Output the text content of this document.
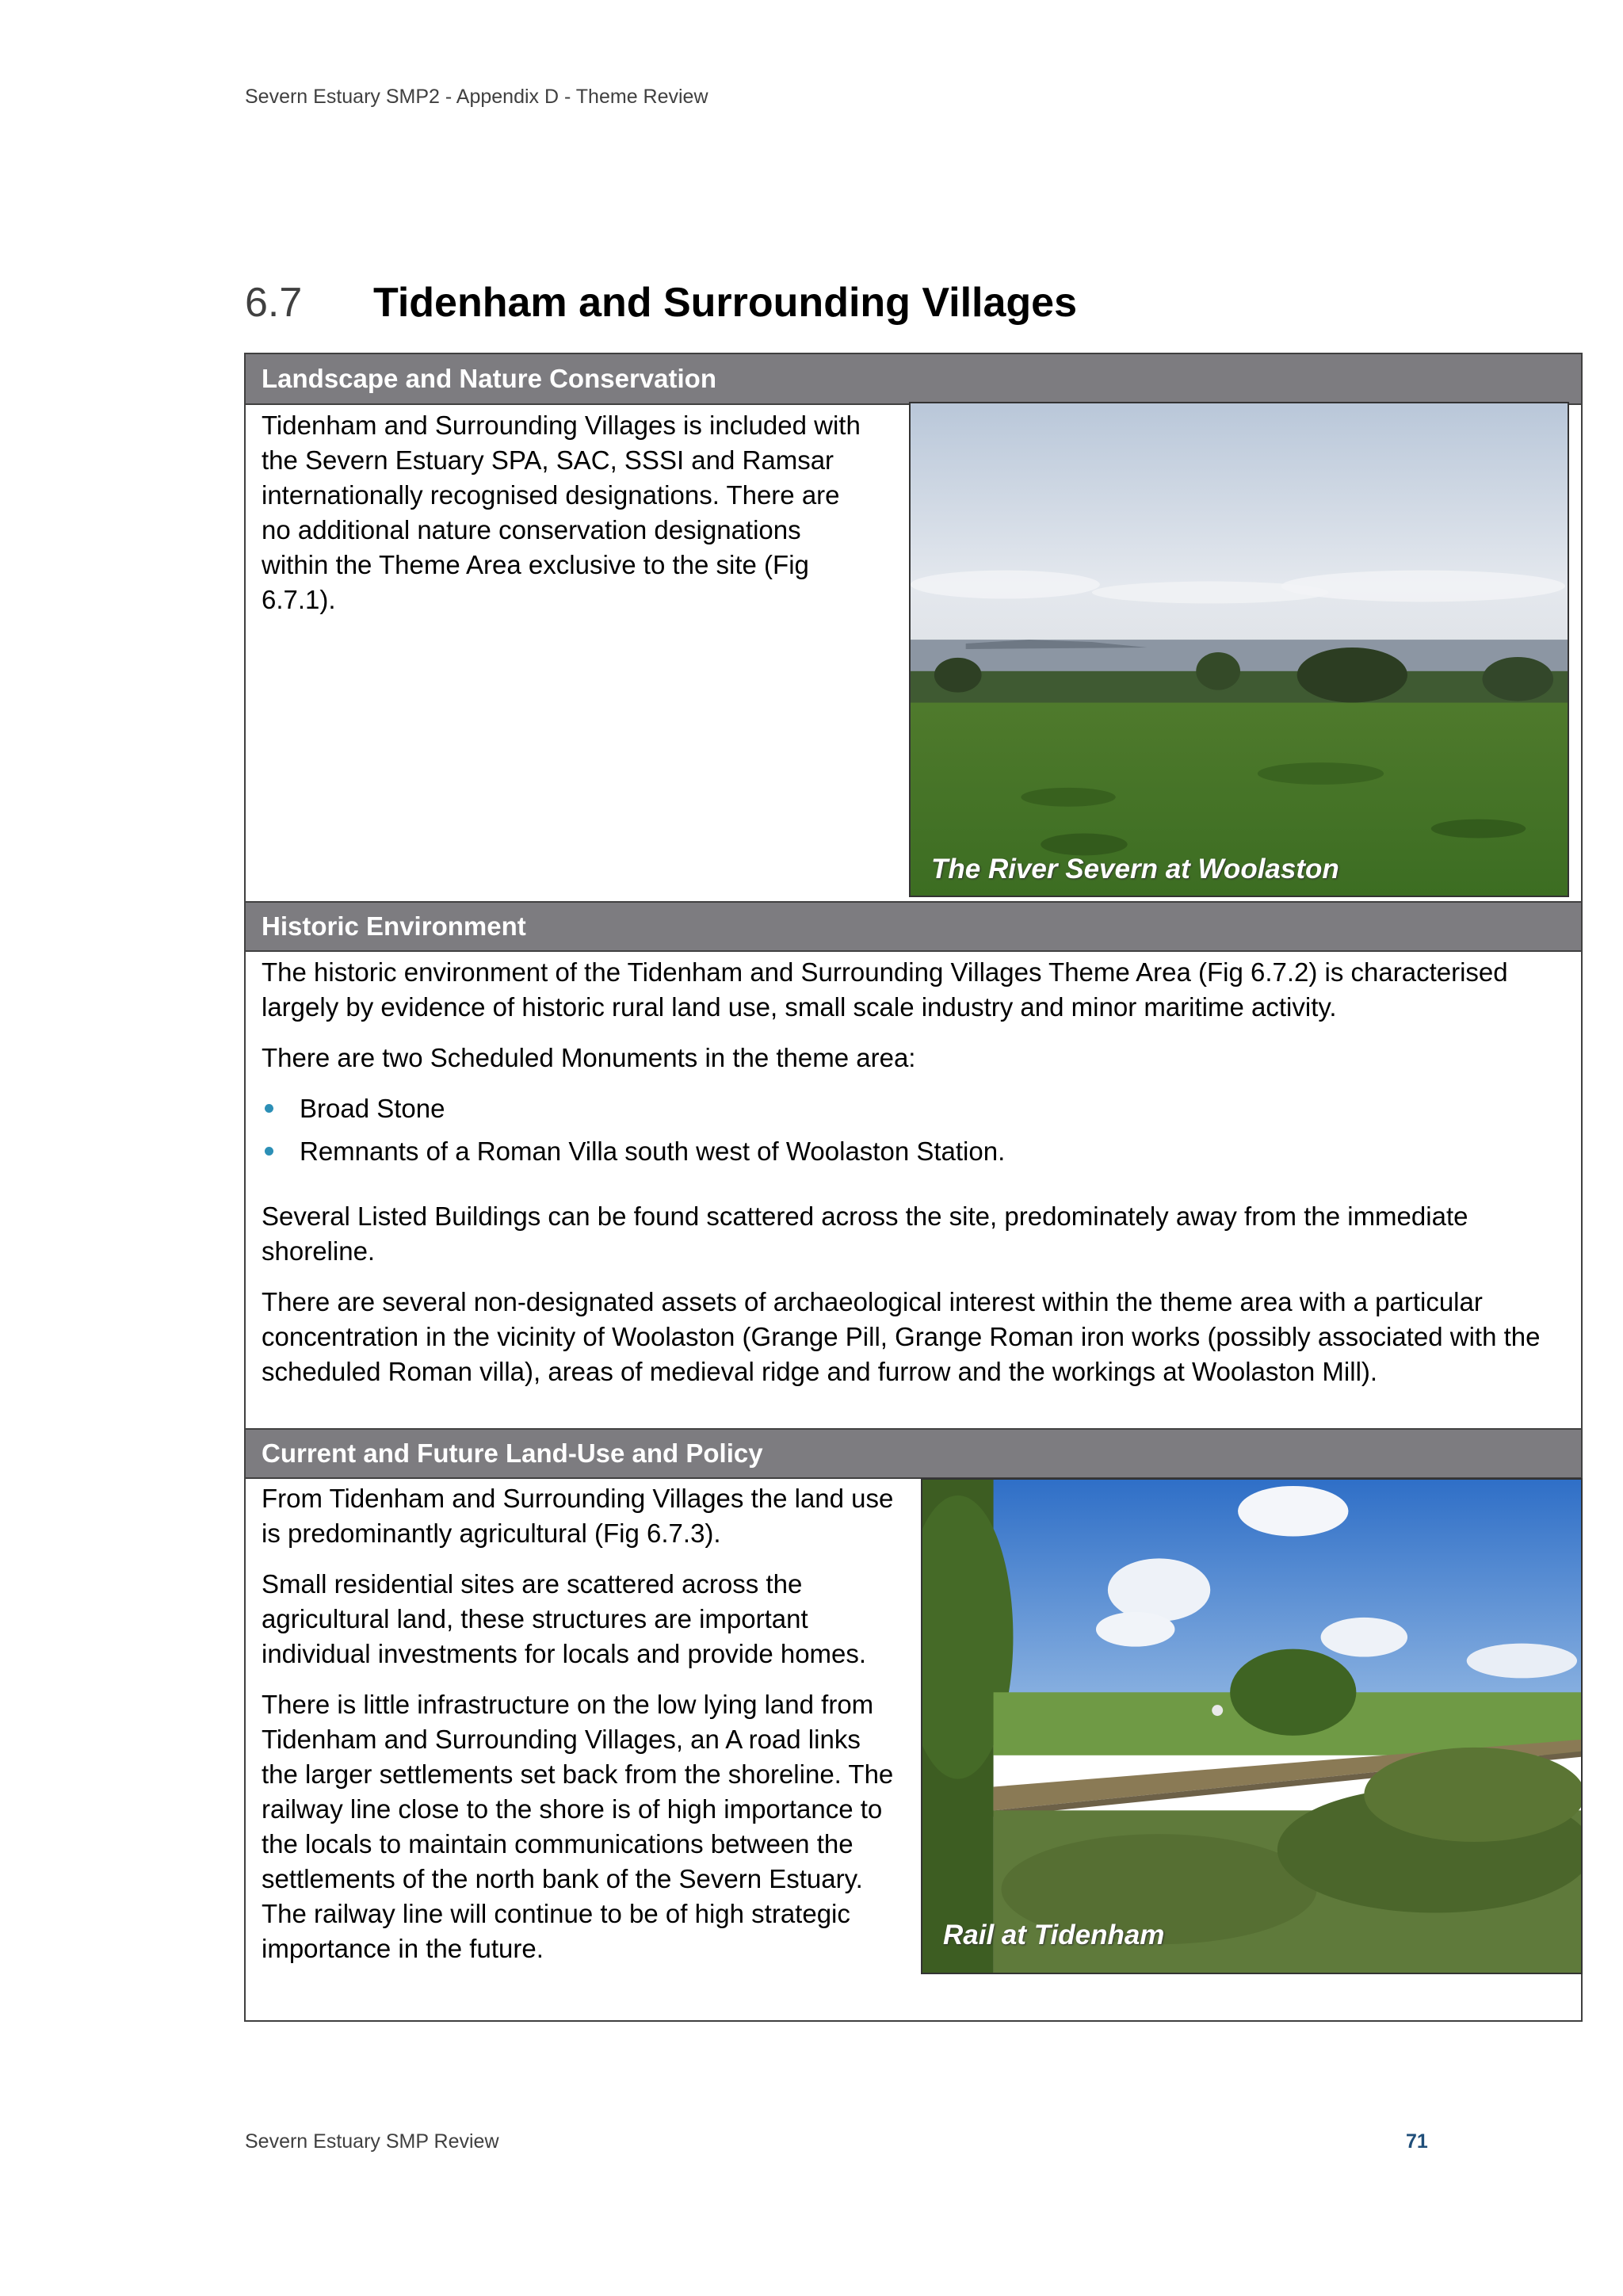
Severn Estuary SMP2 - Appendix D - Theme Review
6.7	Tidenham and Surrounding Villages
Landscape and Nature Conservation

Tidenham and Surrounding Villages is included with the Severn Estuary SPA, SAC, SSSI and Ramsar internationally recognised designations. There are no additional nature conservation designations within the Theme Area exclusive to the site (Fig 6.7.1).

The River Severn at Woolaston
Historic Environment

The historic environment of the Tidenham and Surrounding Villages Theme Area (Fig 6.7.2) is characterised largely by evidence of historic rural land use, small scale industry and minor maritime activity.

There are two Scheduled Monuments in the theme area:

Broad Stone
Remnants of a Roman Villa south west of Woolaston Station.

Several Listed Buildings can be found scattered across the site, predominately away from the immediate shoreline.

There are several non-designated assets of archaeological interest within the theme area with a particular concentration in the vicinity of Woolaston (Grange Pill, Grange Roman iron works (possibly associated with the scheduled Roman villa), areas of medieval ridge and furrow and the workings at Woolaston Mill).

Current and Future Land-Use and Policy

From Tidenham and Surrounding Villages the land use is predominantly agricultural (Fig 6.7.3).

Small residential sites are scattered across the agricultural land, these structures are important individual investments for locals and provide homes.

There is little infrastructure on the low lying land from Tidenham and Surrounding Villages, an A road links the larger settlements set back from the shoreline. The railway line close to the shore is of high importance to the locals to maintain communications between the settlements of the north bank of the Severn Estuary. The railway line will continue to be of high strategic importance in the future.	Rail at Tidenham
Severn Estuary SMP Review	71
